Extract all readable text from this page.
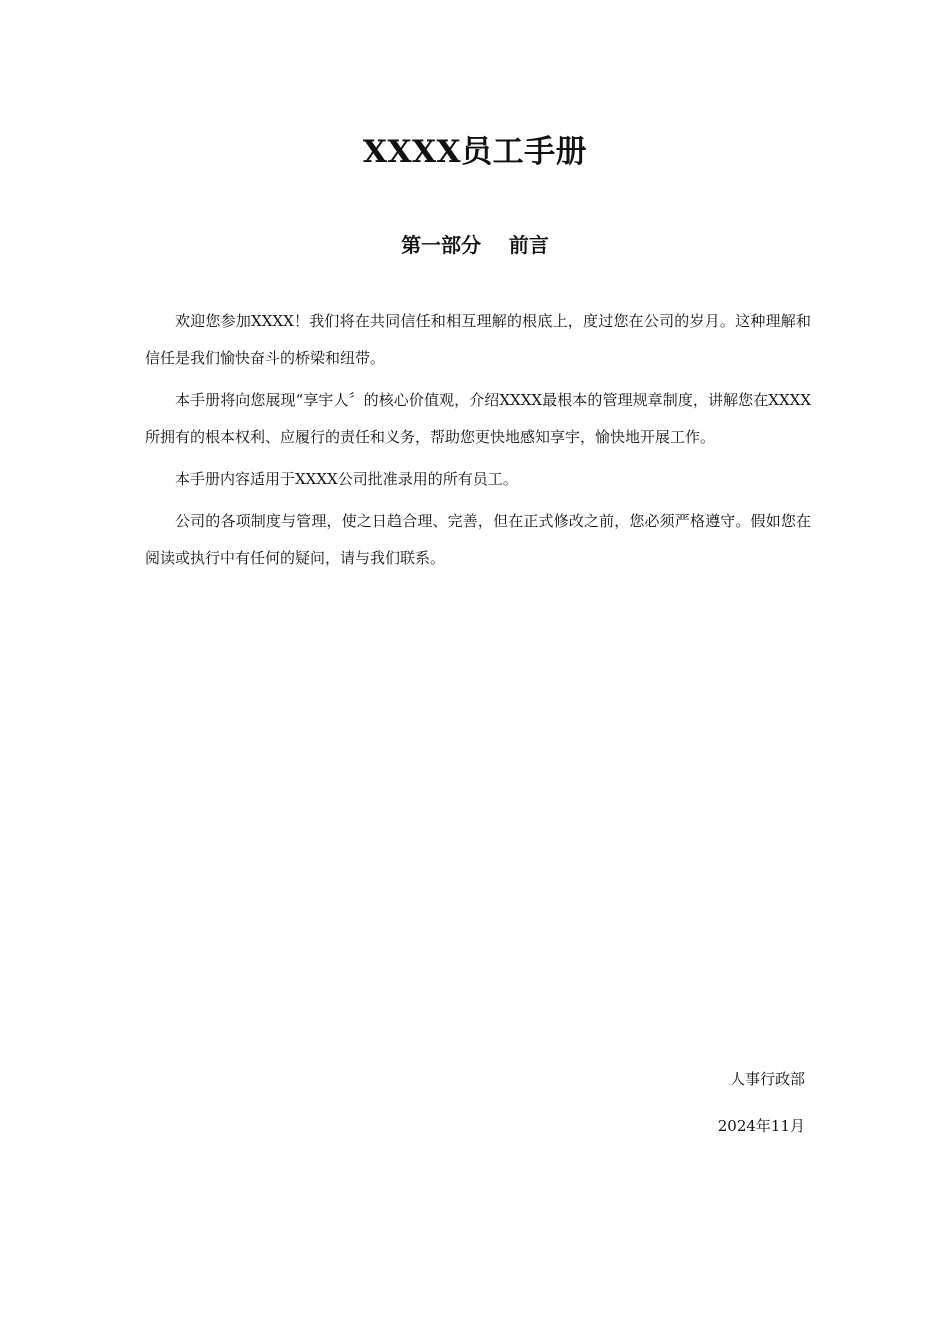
XXXX员工手册
第一部分    前言

欢迎您参加XXXX！我们将在共同信任和相互理解的根底上，度过您在公司的岁月。这种理解和信任是我们愉快奋斗的桥梁和纽带。

本手册将向您展现“享宇人〞的核心价值观，介绍XXXX最根本的管理规章制度，讲解您在XXXX所拥有的根本权利、应履行的责任和义务，帮助您更快地感知享宇，愉快地开展工作。

本手册内容适用于XXXX公司批准录用的所有员工。

公司的各项制度与管理，使之日趋合理、完善，但在正式修改之前，您必须严格遵守。假如您在阅读或执行中有任何的疑问，请与我们联系。

人事行政部
2024年11月
